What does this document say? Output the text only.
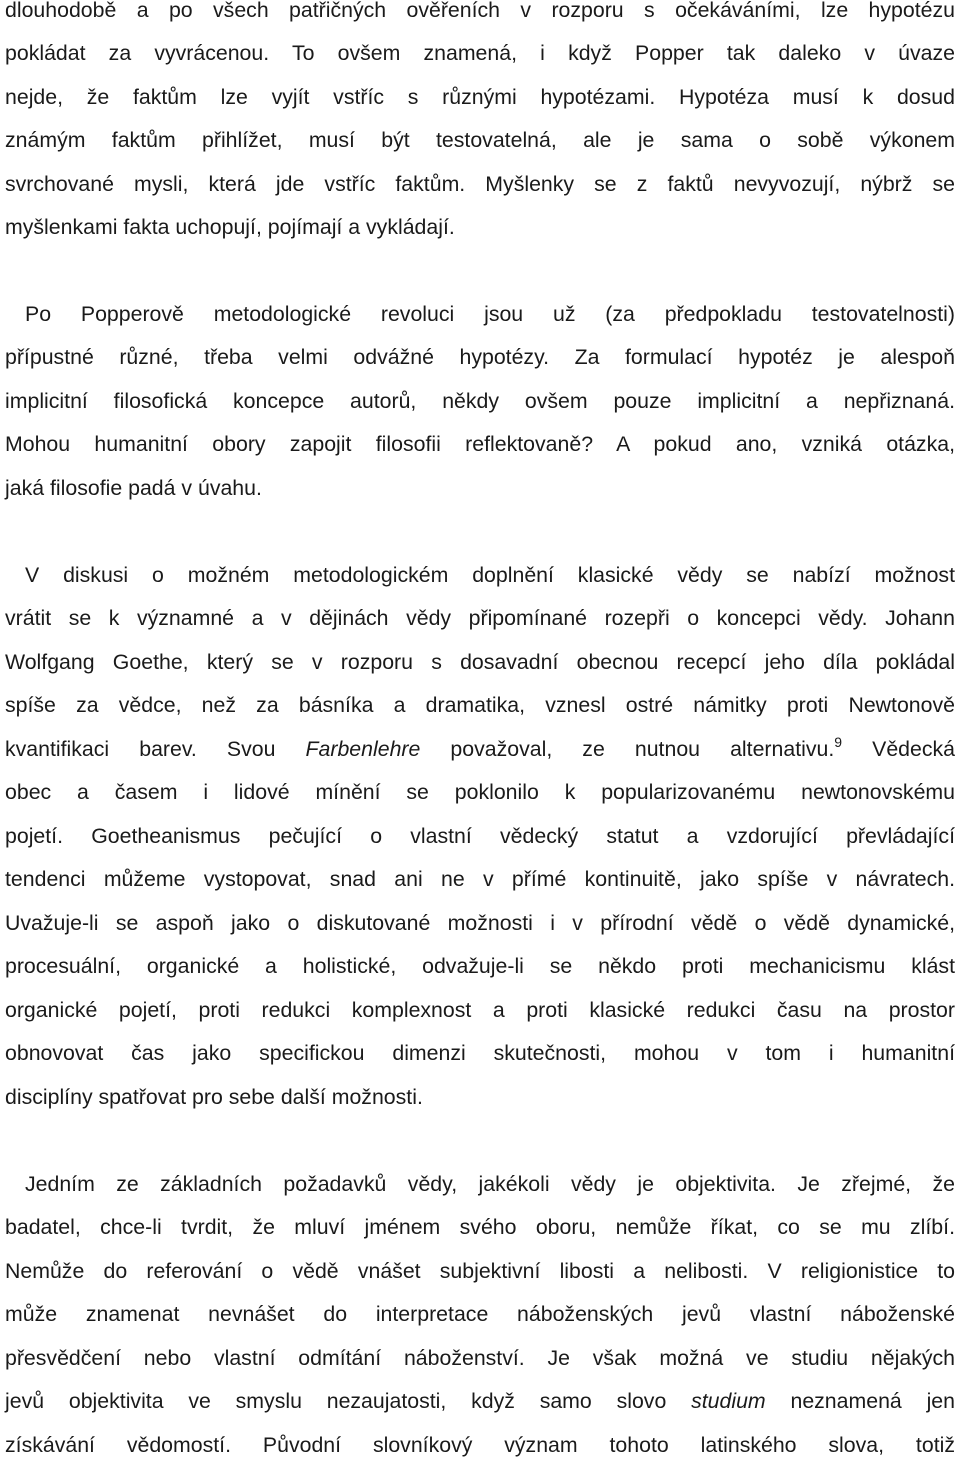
dlouhodobě a po všech patřičných ověřeních v rozporu s očekáváními, lze hypotézu
pokládat za vyvrácenou. To ovšem znamená, i když Popper tak daleko v úvaze
nejde, že faktům lze vyjít vstříc s různými hypotézami. Hypotéza musí k dosud
známým faktům přihlížet, musí být testovatelná, ale je sama o sobě výkonem
svrchované mysli, která jde vstříc faktům. Myšlenky se z faktů nevyvozují, nýbrž se
myšlenkami fakta uchopují, pojímají a vykládají.
Po Popperově metodologické revoluci jsou už (za předpokladu testovatelnosti)
přípustné různé, třeba velmi odvážné hypotézy. Za formulací hypotéz je alespoň
implicitní filosofická koncepce autorů, někdy ovšem pouze implicitní a nepřiznaná.
Mohou humanitní obory zapojit filosofii reflektovaně? A pokud ano, vzniká otázka,
jaká filosofie padá v úvahu.
V diskusi o možném metodologickém doplnění klasické vědy se nabízí možnost
vrátit se k významné a v dějinách vědy připomínané rozepři o koncepci vědy. Johann
Wolfgang Goethe, který se v rozporu s dosavadní obecnou recepcí jeho díla pokládal
spíše za vědce, než za básníka a dramatika, vznesl ostré námitky proti Newtonově
kvantifikaci barev. Svou Farbenlehre považoval, ze nutnou alternativu.$^9$ Vědecká
obec a časem i lidové mínění se poklonilo k popularizovanému newtonovskému
pojetí. Goetheanismus pečující o vlastní vědecký statut a vzdorující převládající
tendenci můžeme vystopovat, snad ani ne v přímé kontinuitě, jako spíše v návratech.
Uvažuje-li se aspoň jako o diskutované možnosti i v přírodní vědě o vědě dynamické,
procesuální, organické a holistické, odvažuje-li se někdo proti mechanicismu klást
organické pojetí, proti redukci komplexnost a proti klasické redukci času na prostor
obnovovat čas jako specifickou dimenzi skutečnosti, mohou v tom i humanitní
disciplíny spatřovat pro sebe další možnosti.
Jedním ze základních požadavků vědy, jakékoli vědy je objektivita. Je zřejmé, že
badatel, chce-li tvrdit, že mluví jménem svého oboru, nemůže říkat, co se mu zlíbí.
Nemůže do referování o vědě vnášet subjektivní libosti a nelibosti. V religionistice to
může znamenat nevnášet do interpretace náboženských jevů vlastní náboženské
přesvědčení nebo vlastní odmítání náboženství. Je však možná ve studiu nějakých
jevů objektivita ve smyslu nezaujatosti, když samo slovo studium neznamená jen
získávání vědomostí. Původní slovníkový význam tohoto latinského slova, totiž
